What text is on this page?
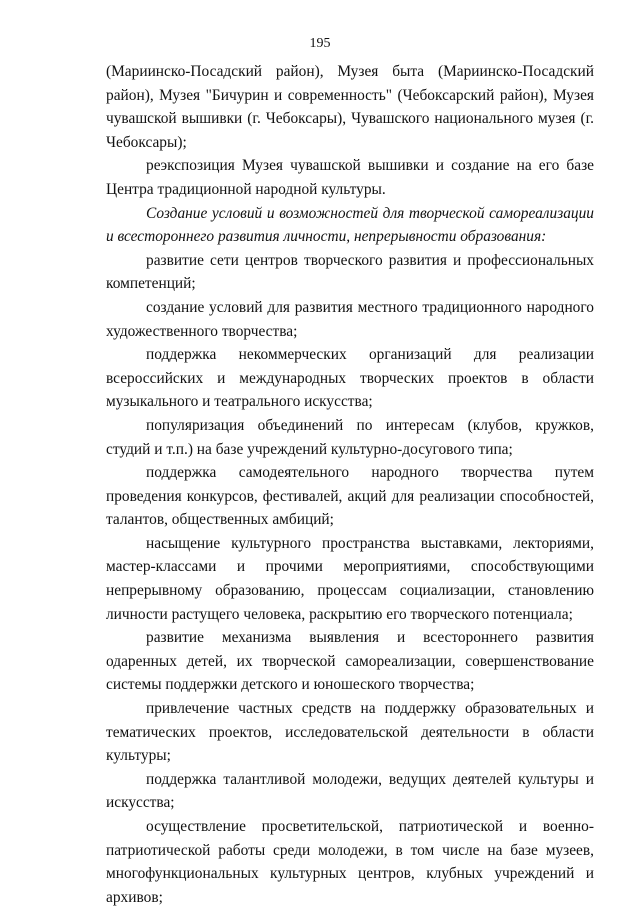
195

(Мариинско-Посадский район), Музея быта (Мариинско-Посадский район), Музея "Бичурин и современность" (Чебоксарский район), Музея чувашской вышивки (г. Чебоксары), Чувашского национального музея (г. Чебоксары);

реэкспозиция Музея чувашской вышивки и создание на его базе Центра традиционной народной культуры.

Создание условий и возможностей для творческой самореализации и всестороннего развития личности, непрерывности образования:

развитие сети центров творческого развития и профессиональных компетенций;

создание условий для развития местного традиционного народного художественного творчества;

поддержка некоммерческих организаций для реализации всероссийских и международных творческих проектов в области музыкального и театрального искусства;

популяризация объединений по интересам (клубов, кружков, студий и т.п.) на базе учреждений культурно-досугового типа;

поддержка самодеятельного народного творчества путем проведения конкурсов, фестивалей, акций для реализации способностей, талантов, общественных амбиций;

насыщение культурного пространства выставками, лекториями, мастер-классами и прочими мероприятиями, способствующими непрерывному образованию, процессам социализации, становлению личности растущего человека, раскрытию его творческого потенциала;

развитие механизма выявления и всестороннего развития одаренных детей, их творческой самореализации, совершенствование системы поддержки детского и юношеского творчества;

привлечение частных средств на поддержку образовательных и тематических проектов, исследовательской деятельности в области культуры;

поддержка талантливой молодежи, ведущих деятелей культуры и искусства;

осуществление просветительской, патриотической и военно-патриотической работы среди молодежи, в том числе на базе музеев, многофункциональных культурных центров, клубных учреждений и архивов;
